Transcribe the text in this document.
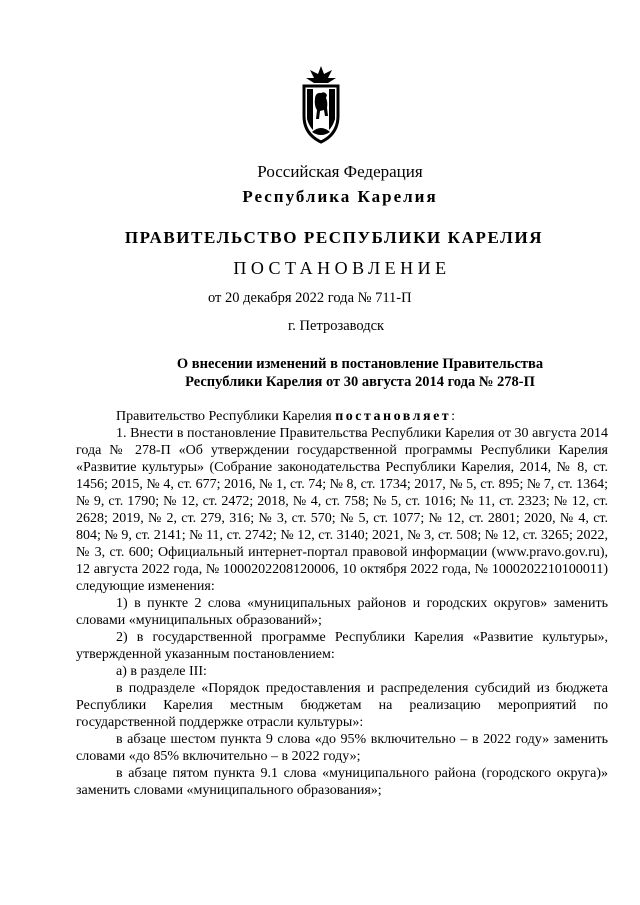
Российская Федерация
Республика Карелия
ПРАВИТЕЛЬСТВО РЕСПУБЛИКИ КАРЕЛИЯ
ПОСТАНОВЛЕНИЕ
от 20 декабря 2022 года № 711-П
г. Петрозаводск
О внесении изменений в постановление Правительства
Республики Карелия от 30 августа 2014 года № 278-П

Правительство Республики Карелия постановляет:

1. Внести в постановление Правительства Республики Карелия от 30 августа 2014 года № 278-П «Об утверждении государственной программы Республики Карелия «Развитие культуры» (Собрание законодательства Республики Карелия, 2014, № 8, ст. 1456; 2015, № 4, ст. 677; 2016, № 1, ст. 74; № 8, ст. 1734; 2017, № 5, ст. 895; № 7, ст. 1364; № 9, ст. 1790; № 12, ст. 2472; 2018, № 4, ст. 758; № 5, ст. 1016; № 11, ст. 2323; № 12, ст. 2628; 2019, № 2, ст. 279, 316; № 3, ст. 570; № 5, ст. 1077; № 12, ст. 2801; 2020, № 4, ст. 804; № 9, ст. 2141; № 11, ст. 2742; № 12, ст. 3140; 2021, № 3, ст. 508; № 12, ст. 3265; 2022, № 3, ст. 600; Официальный интернет-портал правовой информации (www.pravo.gov.ru), 12 августа 2022 года, № 1000202208120006, 10 октября 2022 года, № 1000202210100011) следующие изменения:

1) в пункте 2 слова «муниципальных районов и городских округов» заменить словами «муниципальных образований»;

2) в государственной программе Республики Карелия «Развитие культуры», утвержденной указанным постановлением:

а) в разделе III:

в подразделе «Порядок предоставления и распределения субсидий из бюджета Республики Карелия местным бюджетам на реализацию мероприятий по государственной поддержке отрасли культуры»:

в абзаце шестом пункта 9 слова «до 95% включительно – в 2022 году» заменить словами «до 85% включительно – в 2022 году»;

в абзаце пятом пункта 9.1 слова «муниципального района (городского округа)» заменить словами «муниципального образования»;
